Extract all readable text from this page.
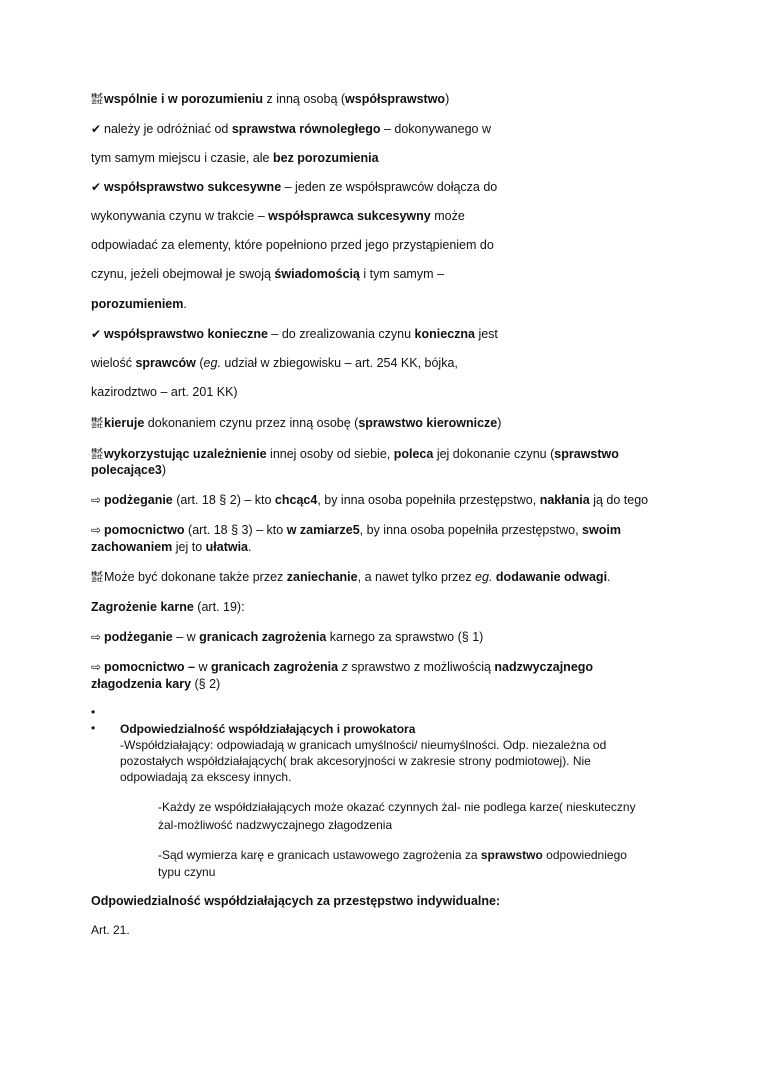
㍿wspólnie i w porozumieniu z inną osobą (współsprawstwo)
✔ należy je odróżniać od sprawstwa równoległego – dokonywanego w
tym samym miejscu i czasie, ale bez porozumienia
✔ współsprawstwo sukcesywne – jeden ze współsprawców dołącza do
wykonywania czynu w trakcie – współsprawca sukcesywny może
odpowiadać za elementy, które popełniono przed jego przystąpieniem do
czynu, jeżeli obejmował je swoją świadomością i tym samym –
porozumieniem.
✔ współsprawstwo konieczne – do zrealizowania czynu konieczna jest
wielość sprawców (eg. udział w zbiegowisku – art. 254 KK, bójka,
kazirodztwo – art. 201 KK)
㍿kieruje dokonaniem czynu przez inną osobę (sprawstwo kierownicze)
㍿wykorzystując uzależnienie innej osoby od siebie, poleca jej dokonanie czynu (sprawstwo
polecające3)
⇨ podżeganie (art. 18 § 2) – kto chcąc4, by inna osoba popełniła przestępstwo, nakłania ją do tego
⇨ pomocnictwo (art. 18 § 3) – kto w zamiarze5, by inna osoba popełniła przestępstwo, swoim
zachowaniem jej to ułatwia.
㍿Może być dokonane także przez zaniechanie, a nawet tylko przez eg. dodawanie odwagi.
Zagrożenie karne (art. 19):
⇨ podżeganie – w granicach zagrożenia karnego za sprawstwo (§ 1)
⇨ pomocnictwo – w granicach zagrożenia z sprawstwo z możliwością nadzwyczajnego
złagodzenia kary (§ 2)
•
• Odpowiedzialność współdziałających i prowokatora
-Współdziałający: odpowiadają w granicach umyślności/ nieumyślności. Odp. niezależna od
pozostałych współdziałających( brak akcesoryjności w zakresie strony podmiotowej). Nie
odpowiadają za ekscesy innych.
-Każdy ze współdziałających może okazać czynnych żal- nie podlega karze( nieskuteczny
żal-możliwość nadzwyczajnego złagodzenia
-Sąd wymierza karę e granicach ustawowego zagrożenia za sprawstwo odpowiedniego
typu czynu
Odpowiedzialność współdziałających za przestępstwo indywidualne:
Art. 21.
